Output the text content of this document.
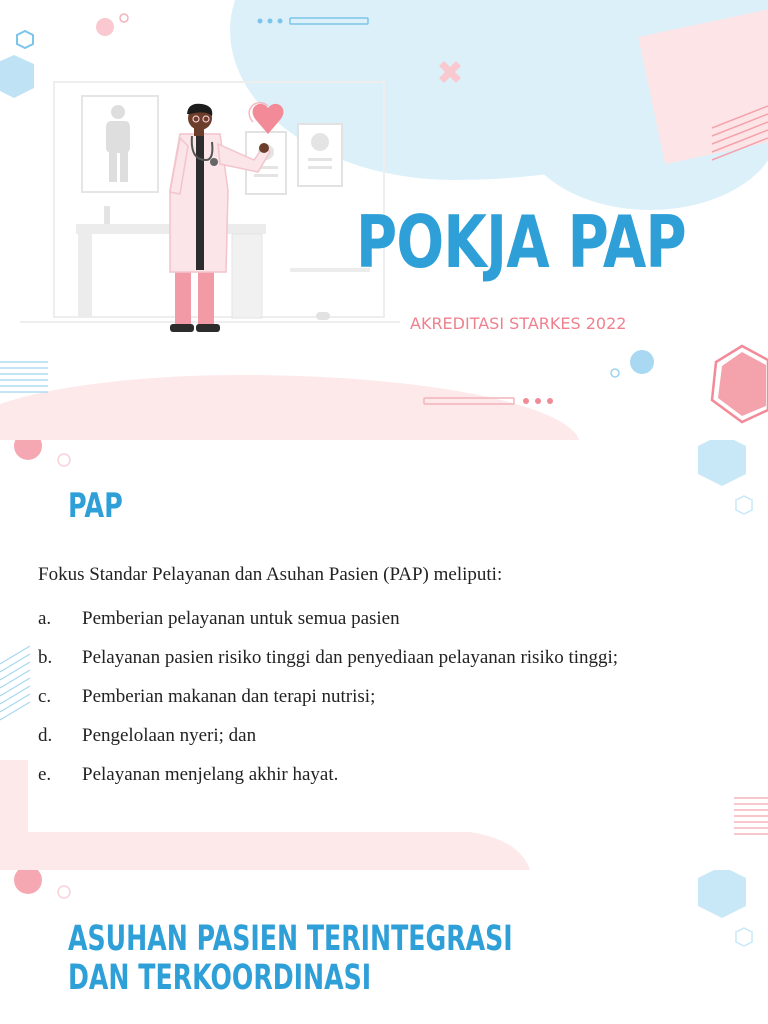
POKJA PAP
AKREDITASI STARKES 2022
PAP
Fokus Standar Pelayanan dan Asuhan Pasien (PAP) meliputi:
a.	Pemberian pelayanan untuk semua pasien
b.	Pelayanan pasien risiko tinggi dan penyediaan pelayanan risiko tinggi;
c.	Pemberian makanan dan terapi nutrisi;
d.	Pengelolaan nyeri; dan
e.	Pelayanan menjelang akhir hayat.
ASUHAN PASIEN TERINTEGRASI DAN TERKOORDINASI
